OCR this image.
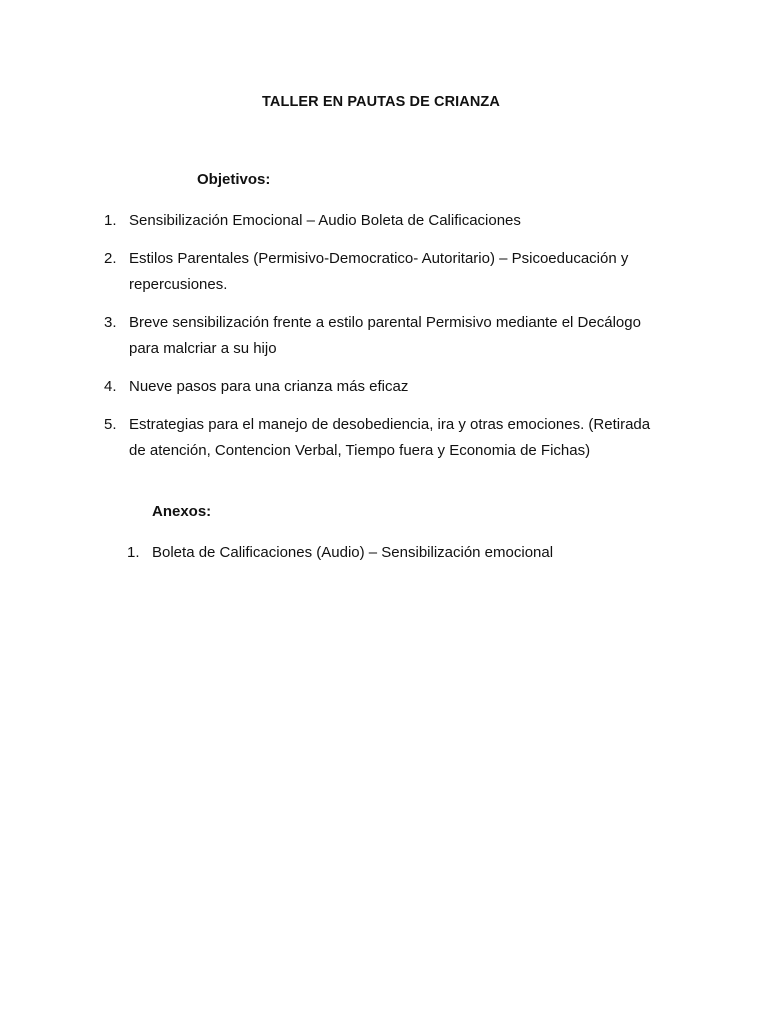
TALLER EN PAUTAS DE CRIANZA
Objetivos:
1. Sensibilización Emocional – Audio Boleta de Calificaciones
2. Estilos Parentales (Permisivo-Democratico- Autoritario) – Psicoeducación y repercusiones.
3. Breve sensibilización frente a estilo parental Permisivo mediante el Decálogo para malcriar a su hijo
4. Nueve pasos para una crianza más eficaz
5. Estrategias para el manejo de desobediencia, ira y otras emociones. (Retirada de atención, Contencion Verbal, Tiempo fuera y Economia de Fichas)
Anexos:
1. Boleta de Calificaciones (Audio) – Sensibilización emocional
